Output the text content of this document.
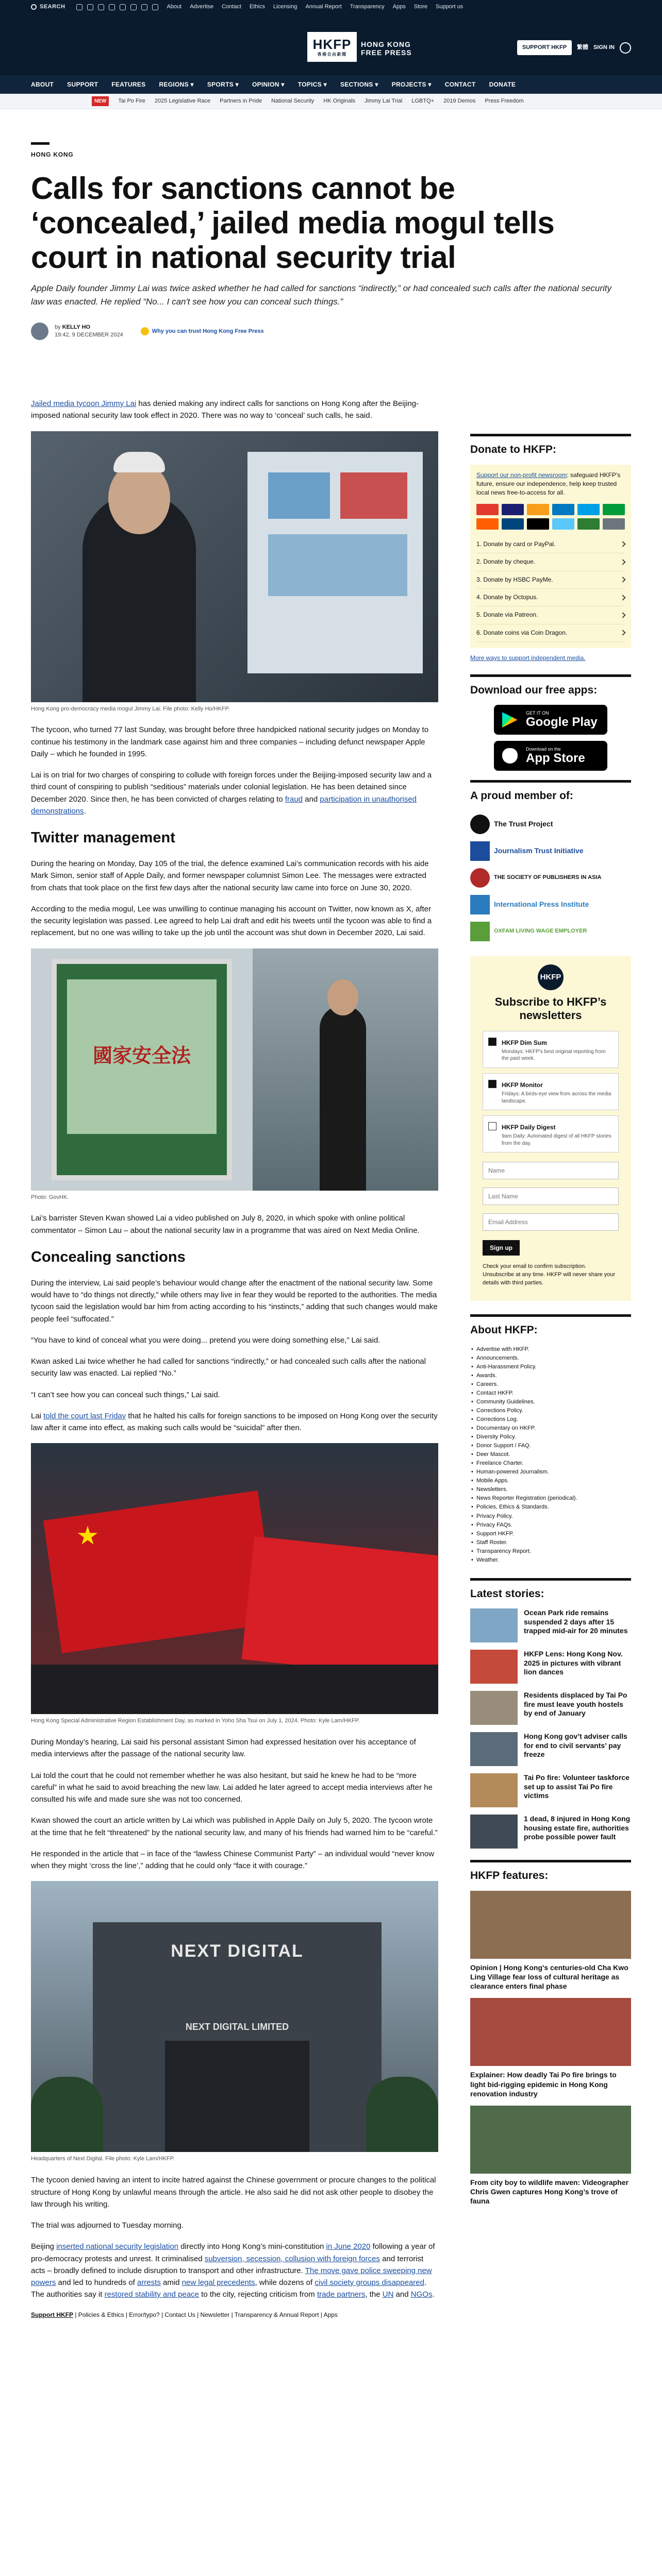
SEARCH	About Advertise Contact Ethics Licensing Annual Report Transparency Apps Store Support us
HKFP
香港自由新聞
HONG KONG
FREE PRESS
SUPPORT HKFP	繁體 SIGN IN
ABOUT SUPPORT FEATURES REGIONS ▾ SPORTS ▾ OPINION ▾ TOPICS ▾ SECTIONS ▾ PROJECTS ▾ CONTACT DONATE
NEW	Tai Po Fire 2025 Legislative Race Partners in Pride National Security HK Originals Jimmy Lai Trial LGBTQ+ 2019 Demos Press Freedom
HONG KONG
Calls for sanctions cannot be ‘concealed,’ jailed media mogul tells court in national security trial

Apple Daily founder Jimmy Lai was twice asked whether he had called for sanctions “indirectly,” or had concealed such calls after the national security law was enacted. He replied “No... I can't see how you can conceal such things.”

by KELLY HO
19:42, 9 DECEMBER 2024
Why you can trust Hong Kong Free Press

Jailed media tycoon Jimmy Lai has denied making any indirect calls for sanctions on Hong Kong after the Beijing-imposed national security law took effect in 2020. There was no way to ‘conceal’ such calls, he said.

Hong Kong pro-democracy media mogul Jimmy Lai. File photo: Kelly Ho/HKFP.

The tycoon, who turned 77 last Sunday, was brought before three handpicked national security judges on Monday to continue his testimony in the landmark case against him and three companies – including defunct newspaper Apple Daily – which he founded in 1995.

Lai is on trial for two charges of conspiring to collude with foreign forces under the Beijing-imposed security law and a third count of conspiring to publish “seditious” materials under colonial legislation. He has been detained since December 2020. Since then, he has been convicted of charges relating to fraud and participation in unauthorised demonstrations.

Twitter management

During the hearing on Monday, Day 105 of the trial, the defence examined Lai’s communication records with his aide Mark Simon, senior staff of Apple Daily, and former newspaper columnist Simon Lee. The messages were extracted from chats that took place on the first few days after the national security law came into force on June 30, 2020.

According to the media mogul, Lee was unwilling to continue managing his account on Twitter, now known as X, after the security legislation was passed. Lee agreed to help Lai draft and edit his tweets until the tycoon was able to find a replacement, but no one was willing to take up the job until the account was shut down in December 2020, Lai said.

國家安全法
Photo: GovHK.

Lai’s barrister Steven Kwan showed Lai a video published on July 8, 2020, in which spoke with online political commentator – Simon Lau – about the national security law in a programme that was aired on Next Media Online.

Concealing sanctions

During the interview, Lai said people’s behaviour would change after the enactment of the national security law. Some would have to “do things not directly,” while others may live in fear they would be reported to the authorities. The media tycoon said the legislation would bar him from acting according to his “instincts,” adding that such changes would make people feel “suffocated.”

“You have to kind of conceal what you were doing... pretend you were doing something else,” Lai said.

Kwan asked Lai twice whether he had called for sanctions “indirectly,” or had concealed such calls after the national security law was enacted. Lai replied “No.”

“I can’t see how you can conceal such things,” Lai said.

Lai told the court last Friday that he halted his calls for foreign sanctions to be imposed on Hong Kong over the security law after it came into effect, as making such calls would be “suicidal” after then.

Hong Kong Special Administrative Region Establishment Day, as marked in Yoho Sha Tsui on July 1, 2024. Photo: Kyle Lam/HKFP.

During Monday’s hearing, Lai said his personal assistant Simon had expressed hesitation over his acceptance of media interviews after the passage of the national security law.

Lai told the court that he could not remember whether he was also hesitant, but said he knew he had to be “more careful” in what he said to avoid breaching the new law. Lai added he later agreed to accept media interviews after he consulted his wife and made sure she was not too concerned.

Kwan showed the court an article written by Lai which was published in Apple Daily on July 5, 2020. The tycoon wrote at the time that he felt “threatened” by the national security law, and many of his friends had warned him to be “careful.”

He responded in the article that – in face of the “lawless Chinese Communist Party” – an individual would “never know when they might ‘cross the line’,” adding that he could only “face it with courage.”

NEXT DIGITAL
NEXT DIGITAL LIMITED
Headquarters of Next Digital. File photo: Kyle Lam/HKFP.

The tycoon denied having an intent to incite hatred against the Chinese government or procure changes to the political structure of Hong Kong by unlawful means through the article. He also said he did not ask other people to disobey the law through his writing.

The trial was adjourned to Tuesday morning.

Beijing inserted national security legislation directly into Hong Kong’s mini-constitution in June 2020 following a year of pro-democracy protests and unrest. It criminalised subversion, secession, collusion with foreign forces and terrorist acts – broadly defined to include disruption to transport and other infrastructure. The move gave police sweeping new powers and led to hundreds of arrests amid new legal precedents, while dozens of civil society groups disappeared. The authorities say it restored stability and peace to the city, rejecting criticism from trade partners, the UN and NGOs.

Support HKFP | Policies & Ethics | Error/typo? | Contact Us | Newsletter | Transparency & Annual Report | Apps

Donate to HKFP:

Support our non-profit newsroom: safeguard HKFP’s future, ensure our independence, help keep trusted local news free-to-access for all.

1. Donate by card or PayPal.
2. Donate by cheque.
3. Donate by HSBC PayMe.
4. Donate by Octopus.
5. Donate via Patreon.
6. Donate coins via Coin Dragon.

More ways to support independent media.

Download our free apps:
GET IT ON
Google Play
Download on the
App Store
A proud member of:
The Trust Project
Journalism Trust Initiative
THE SOCIETY OF PUBLISHERS IN ASIA
International Press Institute
OXFAM LIVING WAGE EMPLOYER
HKFP
Subscribe to HKFP’s newsletters
HKFP Dim Sum
Mondays: HKFP's best original reporting from the past week.
HKFP Monitor
Fridays: A birds-eye view from across the media landscape.
HKFP Daily Digest
9am Daily: Automated digest of all HKFP stories from the day.
Name Last Name Email Address
Sign up

Check your email to confirm subscription. Unsubscribe at any time. HKFP will never share your details with third parties.

About HKFP:
• Advertise with HKFP.
• Announcements.
• Anti-Harassment Policy.
• Awards.
• Careers.
• Contact HKFP.
• Community Guidelines.
• Corrections Policy.
• Corrections Log.
• Documentary on HKFP.
• Diversity Policy.
• Donor Support / FAQ.
• Deer Mascot.
• Freelance Charter.
• Human-powered Journalism.
• Mobile Apps.
• Newsletters.
• News Reporter Registration (periodical).
• Policies, Ethics & Standards.
• Privacy Policy.
• Privacy FAQs.
• Support HKFP.
• Staff Roster.
• Transparency Report.
• Weather.
Latest stories:
Ocean Park ride remains suspended 2 days after 15 trapped mid-air for 20 minutes
HKFP Lens: Hong Kong Nov. 2025 in pictures with vibrant lion dances
Residents displaced by Tai Po fire must leave youth hostels by end of January
Hong Kong gov’t adviser calls for end to civil servants’ pay freeze
Tai Po fire: Volunteer taskforce set up to assist Tai Po fire victims
1 dead, 8 injured in Hong Kong housing estate fire, authorities probe possible power fault
HKFP features:
Opinion | Hong Kong's centuries-old Cha Kwo Ling Village fear loss of cultural heritage as clearance enters final phase
Explainer: How deadly Tai Po fire brings to light bid-rigging epidemic in Hong Kong renovation industry
From city boy to wildlife maven: Videographer Chris Gwen captures Hong Kong’s trove of fauna
